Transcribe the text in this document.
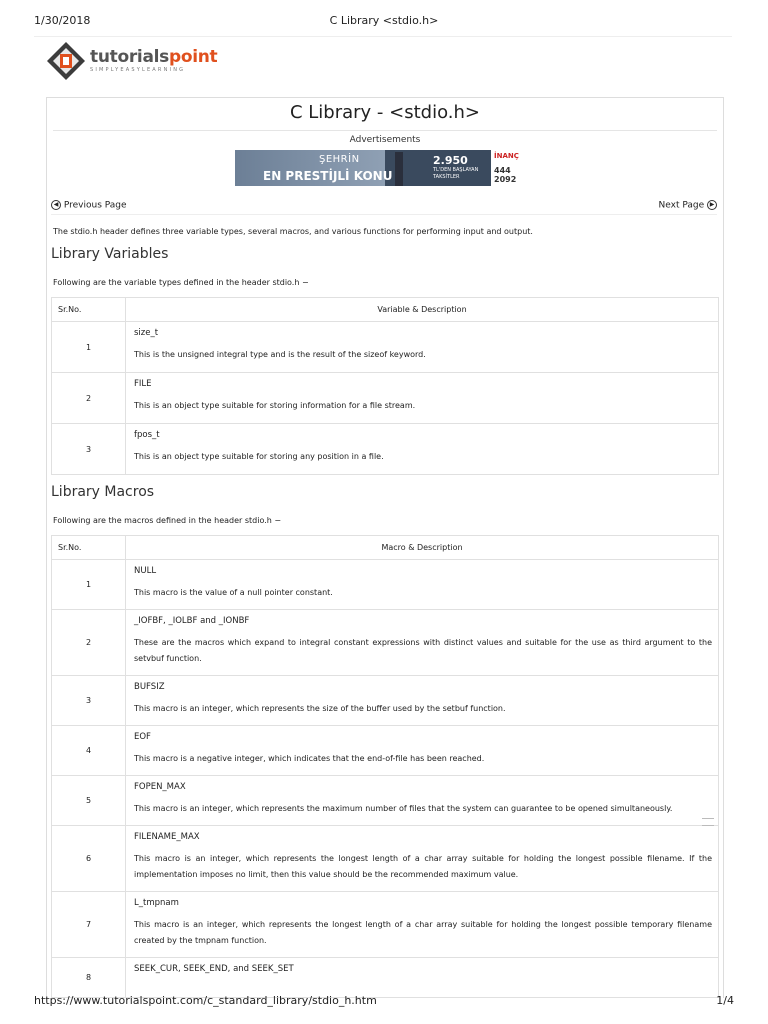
1/30/2018	C Library <stdio.h>
tutorialspoint
SIMPLYEASYLEARNING
C Library - <stdio.h>
Advertisements
ŞEHRİN
EN PRESTİJLİ KONU
2.950
TL'DEN BAŞLAYAN TAKSİTLER
İNANÇ
444 2092
◀ Previous Page	Next Page ▶
The stdio.h header defines three variable types, several macros, and various functions for performing input and output.
Library Variables
Following are the variable types defined in the header stdio.h −
Sr.No.	Variable & Description
1	size_t
This is the unsigned integral type and is the result of the sizeof keyword.

2	FILE
This is an object type suitable for storing information for a file stream.

3	fpos_t
This is an object type suitable for storing any position in a file.
Library Macros
Following are the macros defined in the header stdio.h −
Sr.No.	Macro & Description
1	NULL
This macro is the value of a null pointer constant.

2	_IOFBF, _IOLBF and _IONBF
These are the macros which expand to integral constant expressions with distinct values and suitable for the use as third argument to the setvbuf function.

3	BUFSIZ
This macro is an integer, which represents the size of the buffer used by the setbuf function.

4	EOF
This macro is a negative integer, which indicates that the end-of-file has been reached.

5	FOPEN_MAX
This macro is an integer, which represents the maximum number of files that the system can guarantee to be opened simultaneously.

6	FILENAME_MAX
This macro is an integer, which represents the longest length of a char array suitable for holding the longest possible filename. If the implementation imposes no limit, then this value should be the recommended maximum value.

7	L_tmpnam
This macro is an integer, which represents the longest length of a char array suitable for holding the longest possible temporary filename created by the tmpnam function.

8	SEEK_CUR, SEEK_END, and SEEK_SET
https://www.tutorialspoint.com/c_standard_library/stdio_h.htm	1/4
